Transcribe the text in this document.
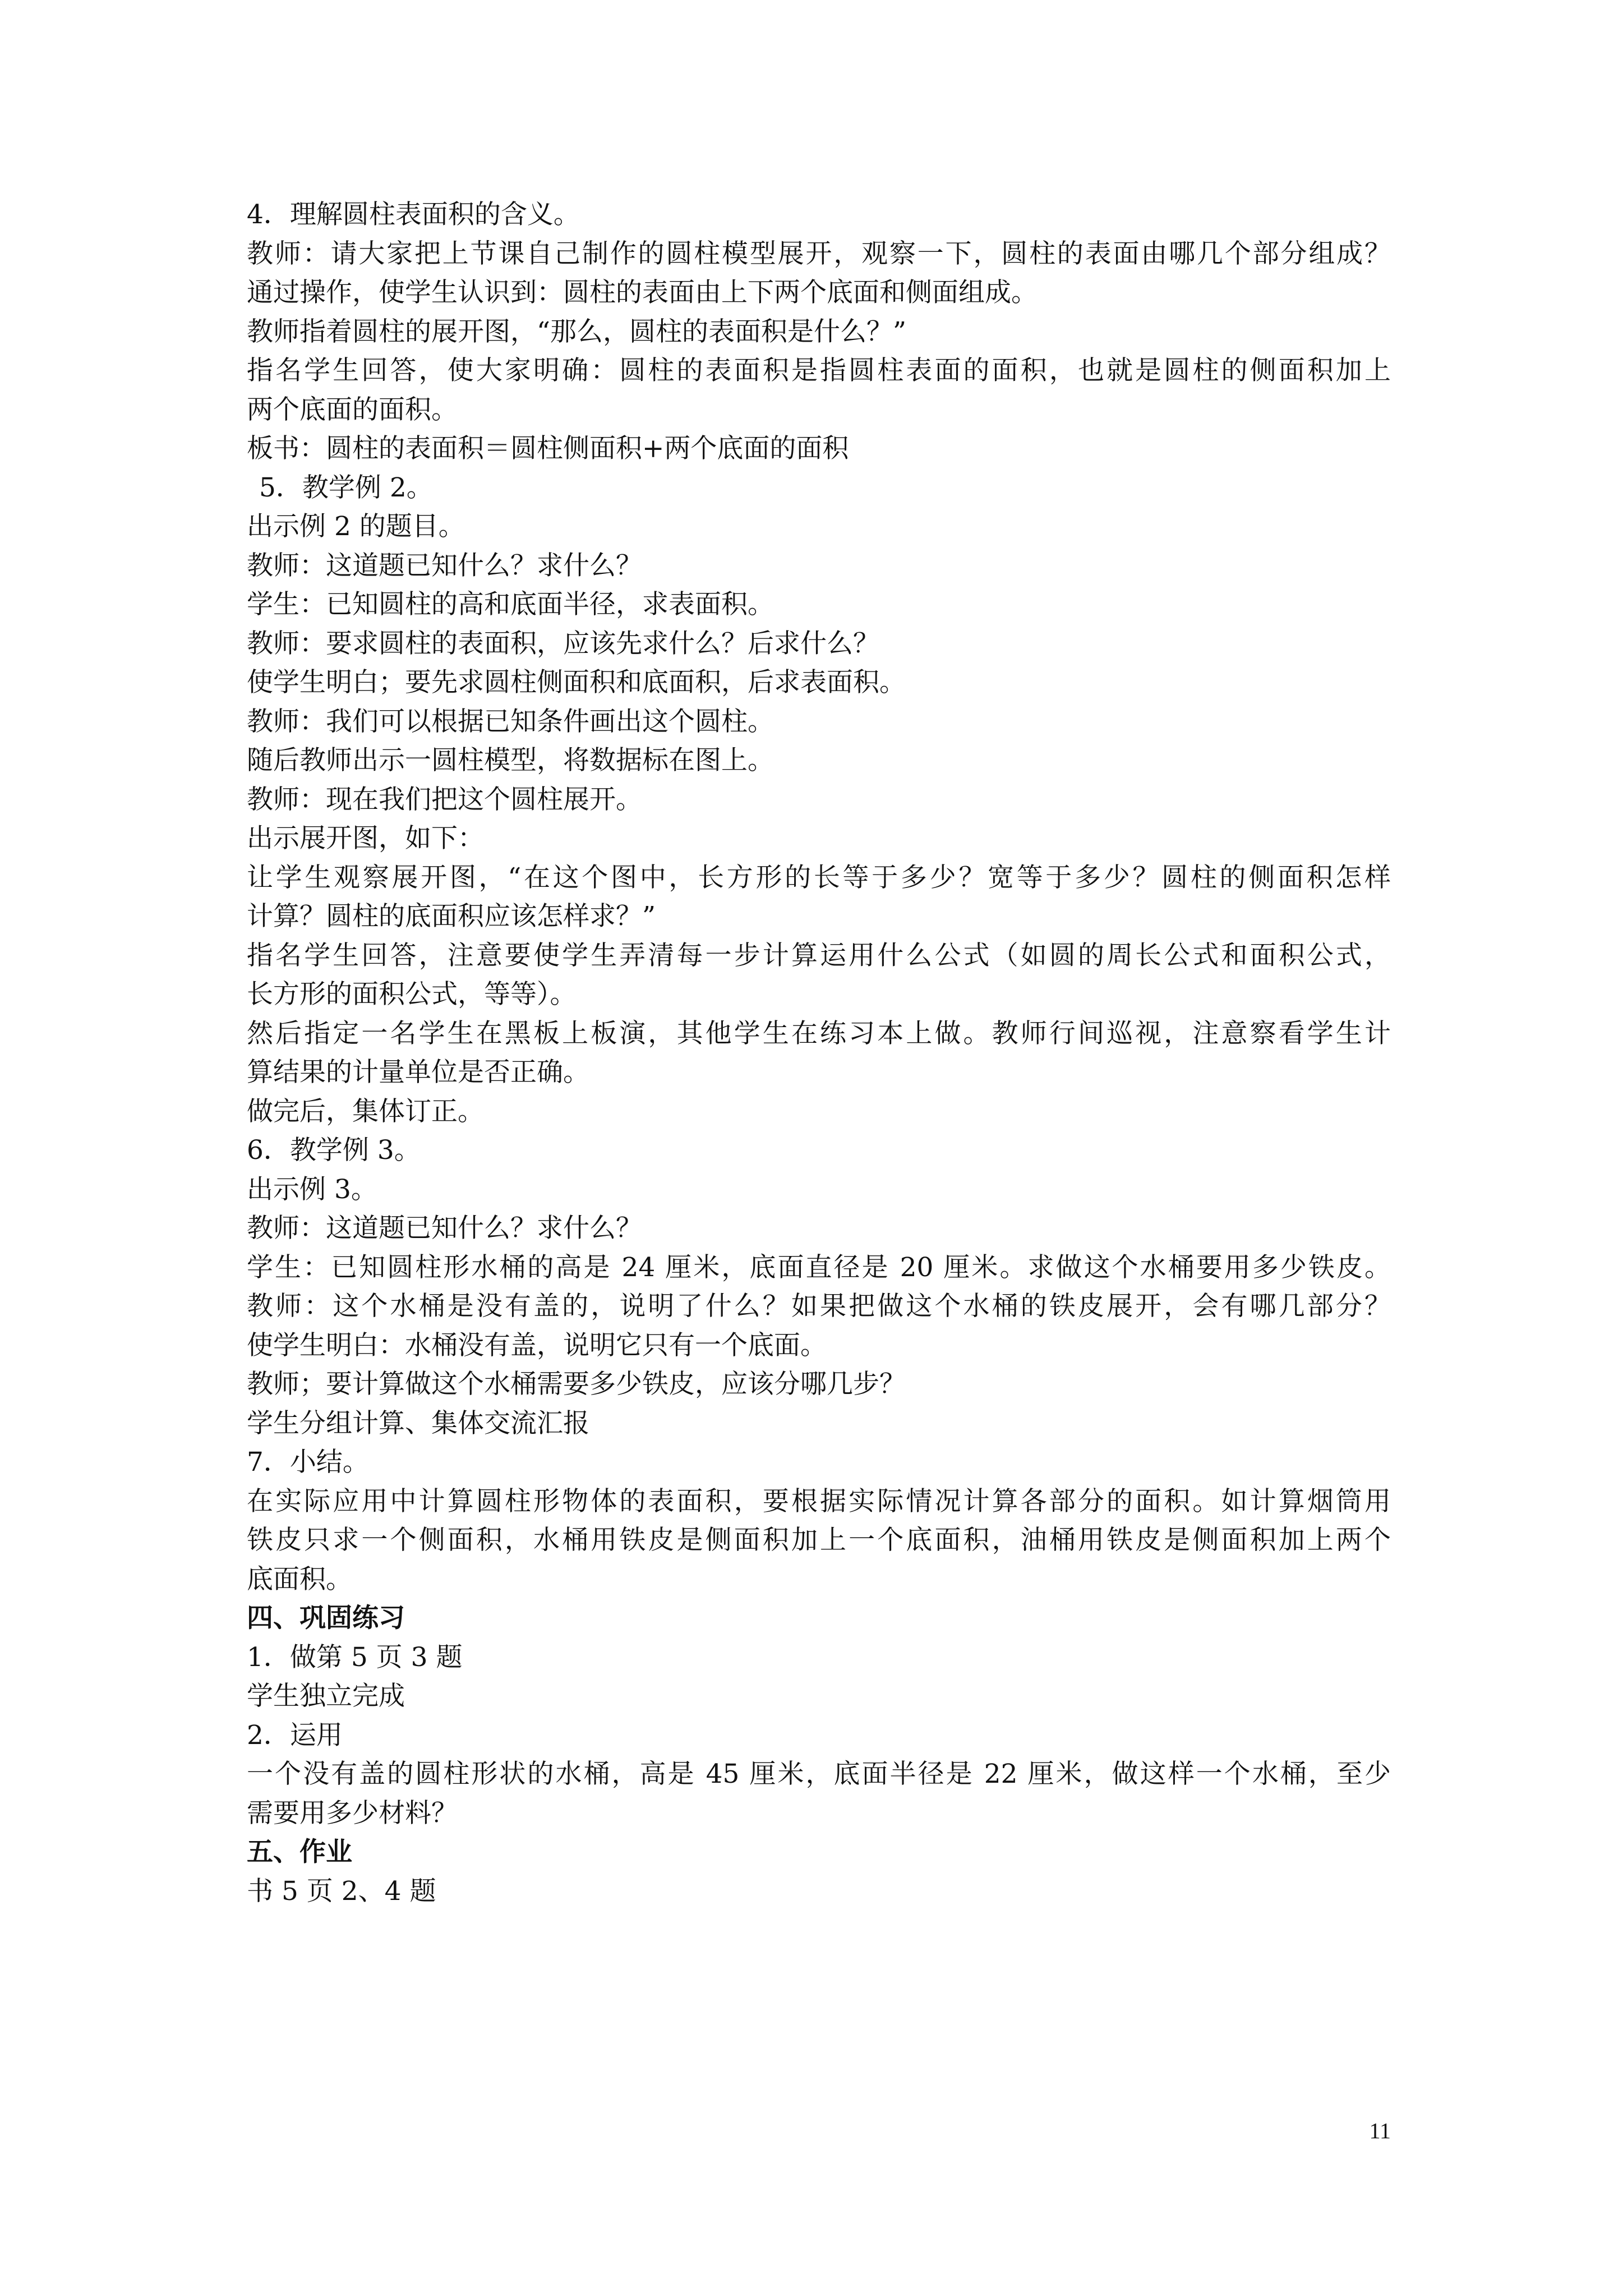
4．理解圆柱表面积的含义。

教师：请大家把上节课自己制作的圆柱模型展开，观察一下，圆柱的表面由哪几个部分组成？

通过操作，使学生认识到：圆柱的表面由上下两个底面和侧面组成。

教师指着圆柱的展开图，“那么，圆柱的表面积是什么？”

指名学生回答，使大家明确：圆柱的表面积是指圆柱表面的面积，也就是圆柱的侧面积加上

两个底面的面积。

板书：圆柱的表面积＝圆柱侧面积+两个底面的面积

5．教学例 2。

出示例 2 的题目。

教师：这道题已知什么？求什么？

学生：已知圆柱的高和底面半径，求表面积。

教师：要求圆柱的表面积，应该先求什么？后求什么？

使学生明白；要先求圆柱侧面积和底面积，后求表面积。

教师：我们可以根据已知条件画出这个圆柱。

随后教师出示一圆柱模型，将数据标在图上。

教师：现在我们把这个圆柱展开。

出示展开图，如下：

让学生观察展开图，“在这个图中，长方形的长等于多少？宽等于多少？圆柱的侧面积怎样

计算？圆柱的底面积应该怎样求？”

指名学生回答，注意要使学生弄清每一步计算运用什么公式（如圆的周长公式和面积公式，

长方形的面积公式，等等）。

然后指定一名学生在黑板上板演，其他学生在练习本上做。教师行间巡视，注意察看学生计

算结果的计量单位是否正确。

做完后，集体订正。

6．教学例 3。

出示例 3。

教师：这道题已知什么？求什么？

学生：已知圆柱形水桶的高是 24 厘米，底面直径是 20 厘米。求做这个水桶要用多少铁皮。

教师：这个水桶是没有盖的，说明了什么？如果把做这个水桶的铁皮展开，会有哪几部分？

使学生明白：水桶没有盖，说明它只有一个底面。

教师；要计算做这个水桶需要多少铁皮，应该分哪几步？

学生分组计算、集体交流汇报

7．小结。

在实际应用中计算圆柱形物体的表面积，要根据实际情况计算各部分的面积。如计算烟筒用

铁皮只求一个侧面积，水桶用铁皮是侧面积加上一个底面积，油桶用铁皮是侧面积加上两个

底面积。

四、巩固练习

1．做第 5 页 3 题

学生独立完成

2．运用

一个没有盖的圆柱形状的水桶，高是 45 厘米，底面半径是 22 厘米，做这样一个水桶，至少

需要用多少材料？

五、作业

书 5 页 2、4 题

11
